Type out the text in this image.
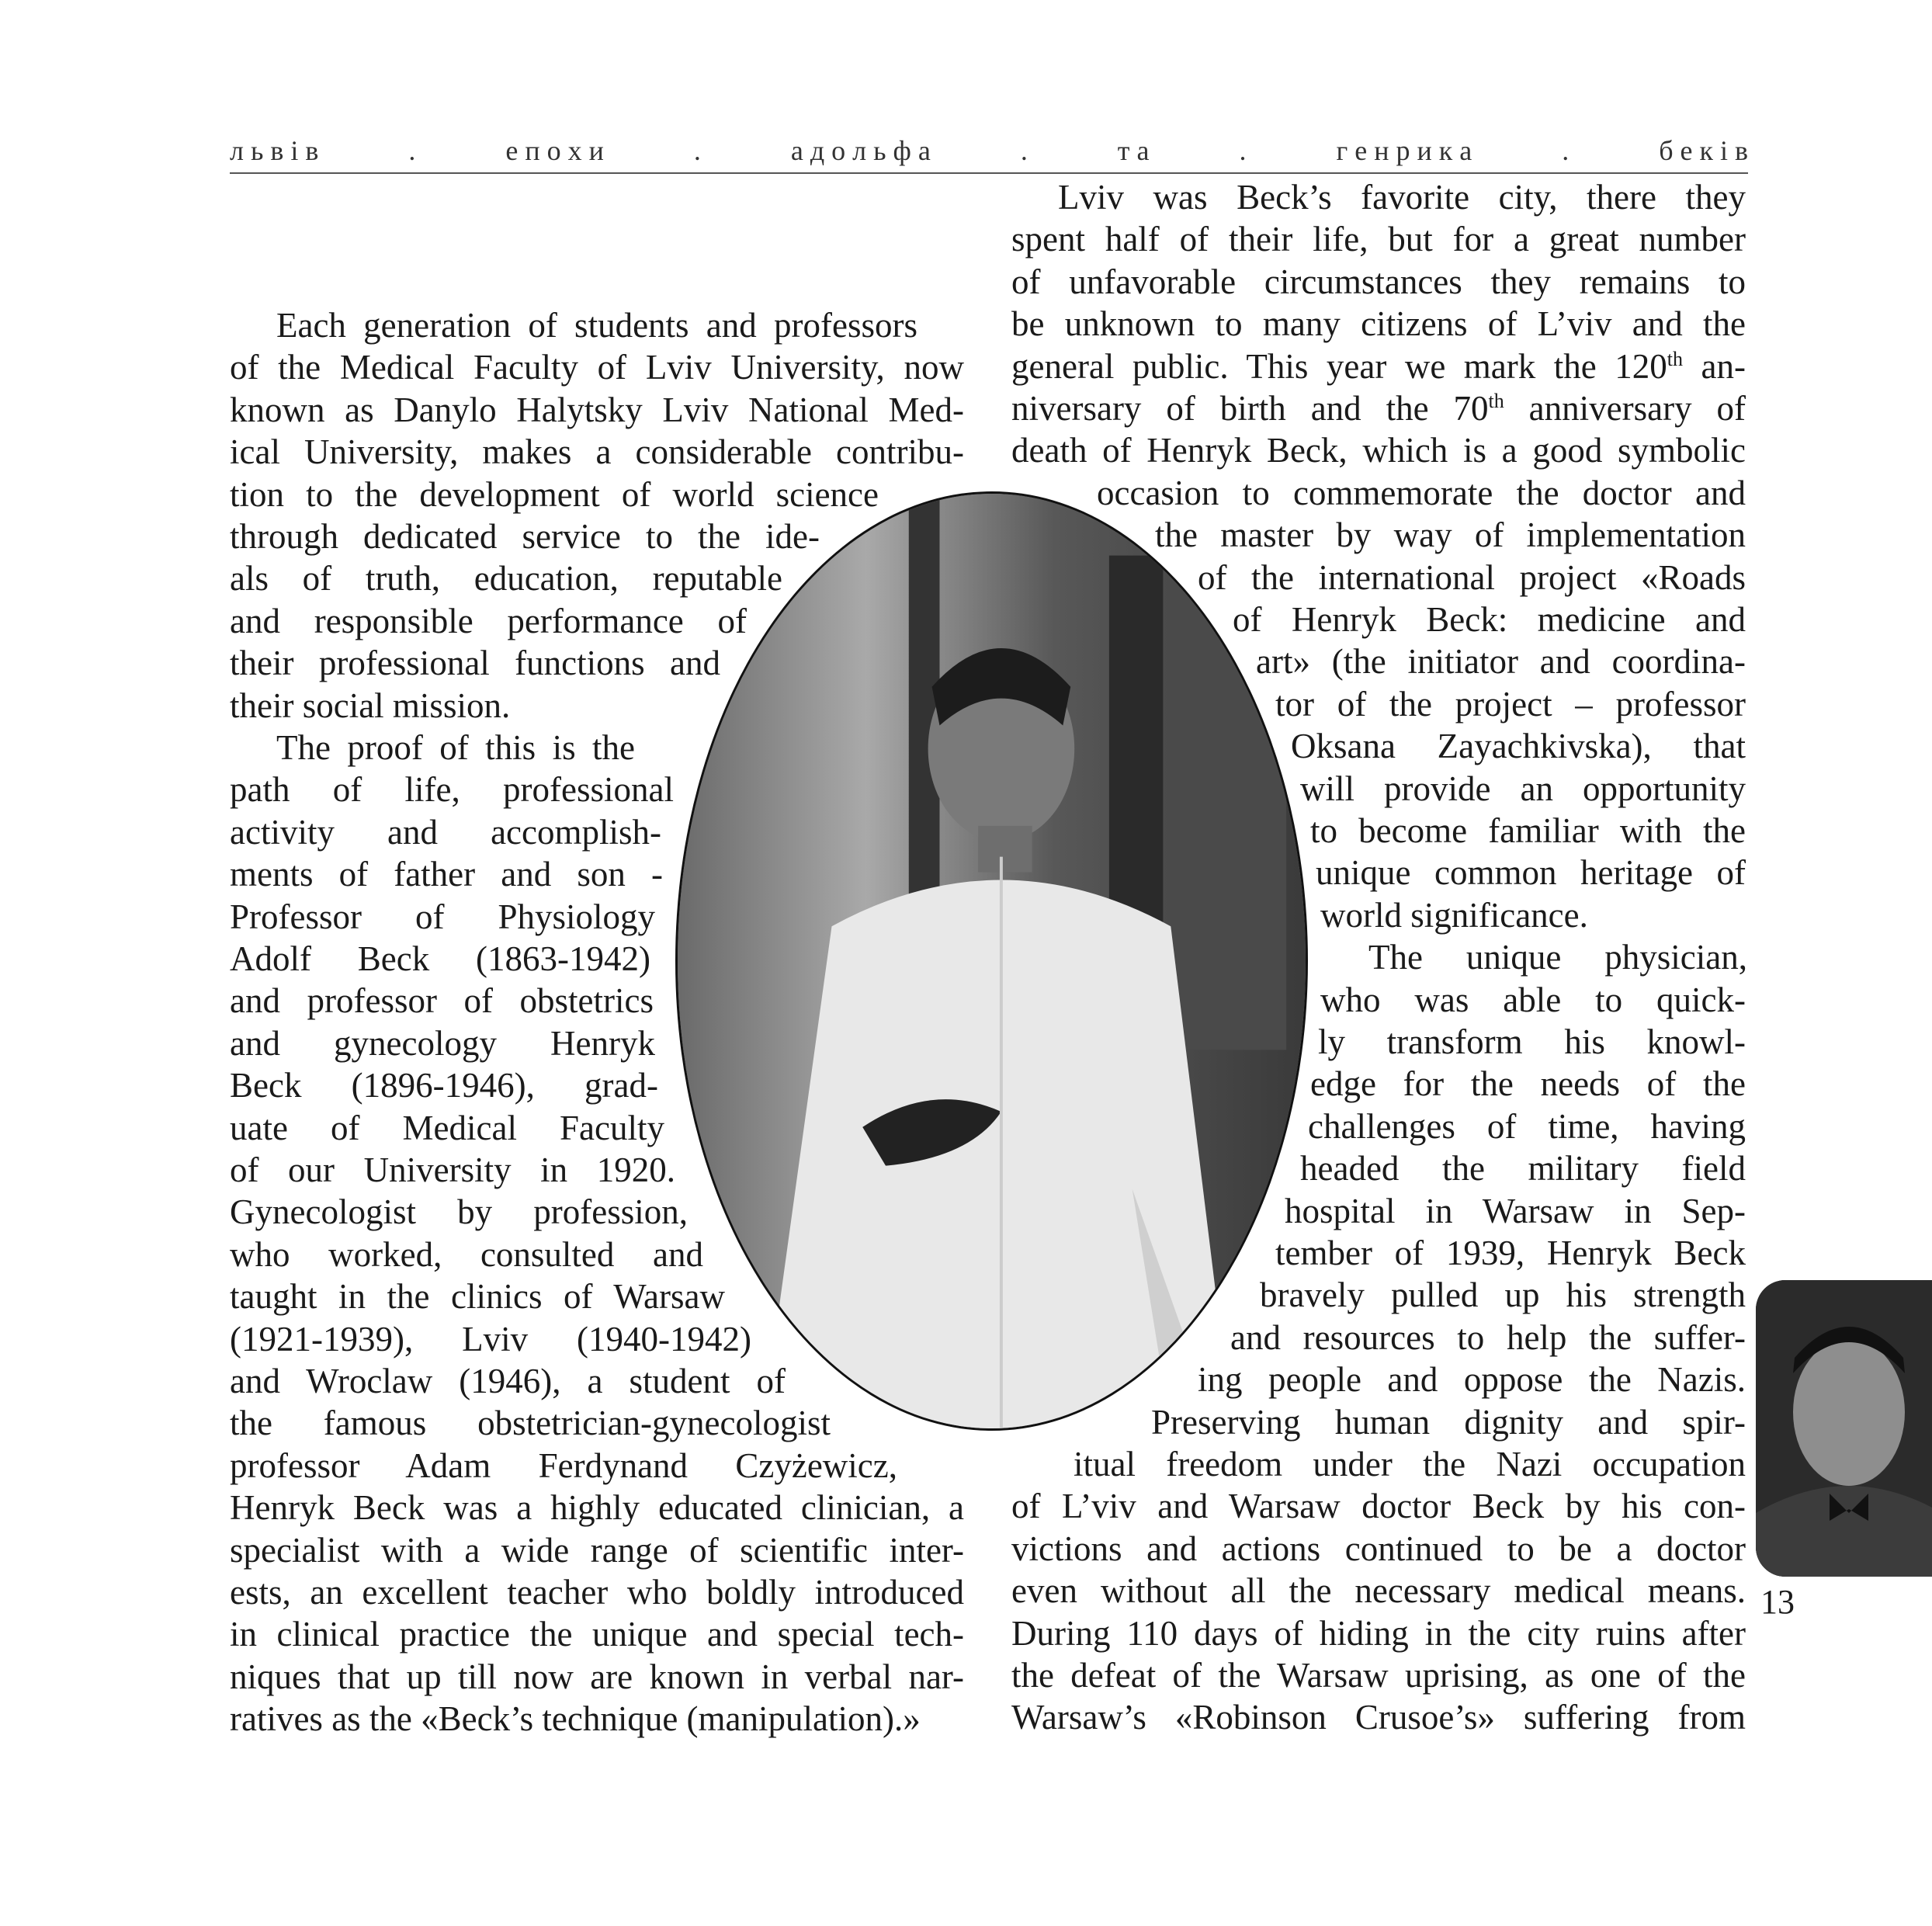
л ь в і в	.	е п о х и	.	а д о л ь ф а	.	т а	.	г е н р и к а	.	б е к і в
Each generation of students and professors
of the Medical Faculty of Lviv University, now
known as Danylo Halytsky Lviv National Med-
ical University, makes a considerable contribu-
tion to the development of world science
through dedicated service to the ide-
als of truth, education, reputable
and responsible performance of
their professional functions and
their social mission.
The proof of this is the
path of life, professional
activity and accomplish-
ments of father and son -
Professor of Physiology
Adolf Beck (1863-1942)
and professor of obstetrics
and gynecology Henryk
Beck (1896-1946), grad-
uate of Medical Faculty
of our University in 1920.
Gynecologist by profession,
who worked, consulted and
taught in the clinics of Warsaw
(1921-1939), Lviv (1940-1942)
and Wroclaw (1946), a student of
the famous obstetrician-gynecologist
professor Adam Ferdynand Czyżewicz,
Henryk Beck was a highly educated clinician, a
specialist with a wide range of scientific inter-
ests, an excellent teacher who boldly introduced
in clinical practice the unique and special tech-
niques that up till now are known in verbal nar-
ratives as the «Beck’s technique (manipulation).»
Lviv was Beck’s favorite city, there they
spent half of their life, but for a great number
of unfavorable circumstances they remains to
be unknown to many citizens of L’viv and the
general public. This year we mark the 120th an-
niversary of birth and the 70th anniversary of
death of Henryk Beck, which is a good symbolic
occasion to commemorate the doctor and
the master by way of implementation
of the international project «Roads
of Henryk Beck: medicine and
art» (the initiator and coordina-
tor of the project – professor
Oksana Zayachkivska), that
will provide an opportunity
to become familiar with the
unique common heritage of
world significance.
The unique physician,
who was able to quick-
ly transform his knowl-
edge for the needs of the
challenges of time, having
headed the military field
hospital in Warsaw in Sep-
tember of 1939, Henryk Beck
bravely pulled up his strength
and resources to help the suffer-
ing people and oppose the Nazis.
Preserving human dignity and spir-
itual freedom under the Nazi occupation
of L’viv and Warsaw doctor Beck by his con-
victions and actions continued to be a doctor
even without all the necessary medical means.
During 110 days of hiding in the city ruins after
the defeat of the Warsaw uprising, as one of the
Warsaw’s «Robinson Crusoe’s» suffering from
13
